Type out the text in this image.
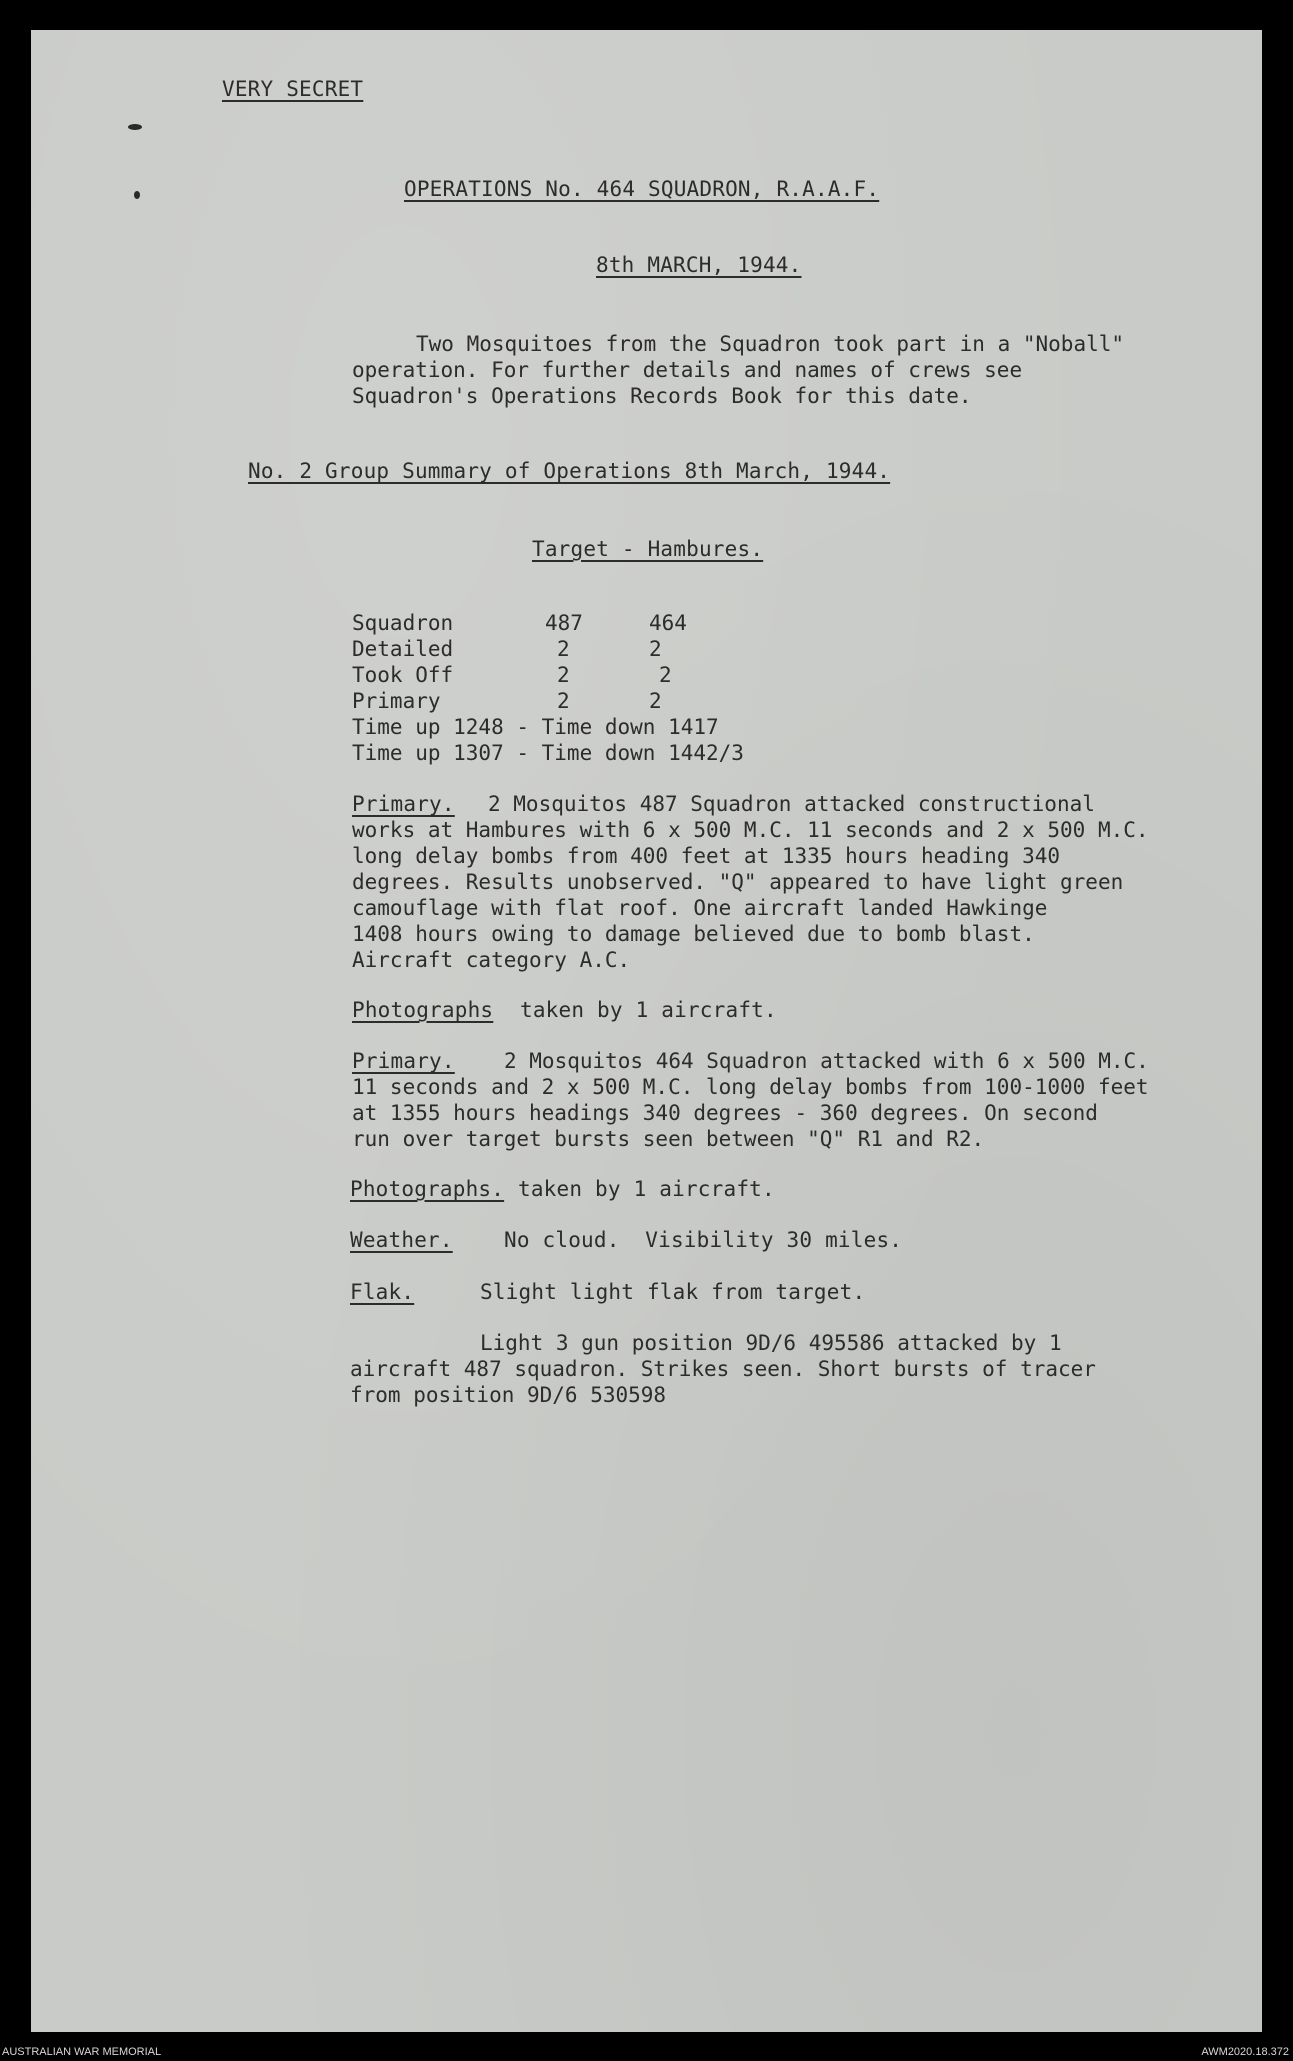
VERY SECRET
OPERATIONS No. 464 SQUADRON, R.A.A.F.
8th MARCH, 1944.
Two Mosquitoes from the Squadron took part in a "Noball"
operation. For further details and names of crews see
Squadron's Operations Records Book for this date.
No. 2 Group Summary of Operations 8th March, 1944.
Target - Hambures.
Squadron	487	464
Detailed	2	2
Took Off	2	2
Primary	2	2
Time up 1248 - Time down 1417
Time up 1307 - Time down 1442/3
Primary.	2 Mosquitos 487 Squadron attacked constructional
works at Hambures with 6 x 500 M.C. 11 seconds and 2 x 500 M.C.
long delay bombs from 400 feet at 1335 hours heading 340
degrees. Results unobserved. "Q" appeared to have light green
camouflage with flat roof. One aircraft landed Hawkinge
1408 hours owing to damage believed due to bomb blast.
Aircraft category A.C.
Photographs taken by 1 aircraft.
Primary.	2 Mosquitos 464 Squadron attacked with 6 x 500 M.C.
11 seconds and 2 x 500 M.C. long delay bombs from 100-1000 feet
at 1355 hours headings 340 degrees - 360 degrees. On second
run over target bursts seen between "Q" R1 and R2.
Photographs. taken by 1 aircraft.
Weather. No cloud.  Visibility 30 miles.
Flak.	Slight light flak from target.
Light 3 gun position 9D/6 495586 attacked by 1
aircraft 487 squadron. Strikes seen. Short bursts of tracer
from position 9D/6 530598
AUSTRALIAN WAR MEMORIAL	AWM2020.18.372
